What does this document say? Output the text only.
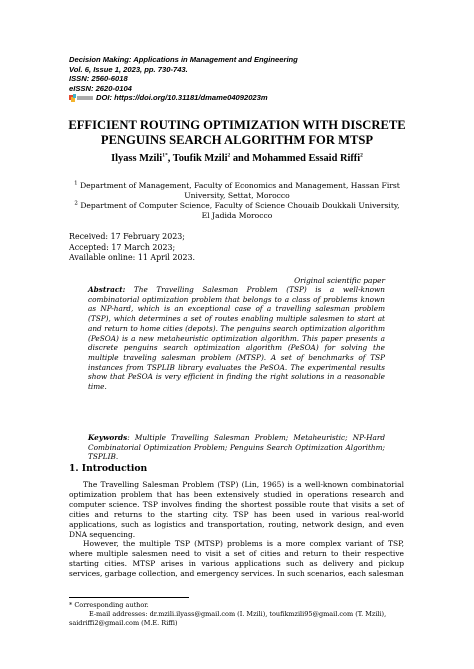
Decision Making: Applications in Management and Engineering
Vol. 6, Issue 1, 2023, pp. 730-743.
ISSN: 2560-6018
eISSN: 2620-0104
DOI: https://doi.org/10.31181/dmame04092023m
EFFICIENT ROUTING OPTIMIZATION WITH DISCRETE PENGUINS SEARCH ALGORITHM FOR MTSP
Ilyass Mzili$^{1*}$, Toufik Mzili$^2$ and Mohammed Essaid Riffi$^2$
$^1$ Department of Management, Faculty of Economics and Management, Hassan First University, Settat, Morocco
$^2$ Department of Computer Science, Faculty of Science Chouaib Doukkali University, El Jadida Morocco
Received: 17 February 2023;
Accepted: 17 March 2023;
Available online: 11 April 2023.
Original scientific paper
Abstract: The Travelling Salesman Problem (TSP) is a well-known combinatorial optimization problem that belongs to a class of problems known as NP-hard, which is an exceptional case of a travelling salesman problem (TSP), which determines a set of routes enabling multiple salesmen to start at and return to home cities (depots). The penguins search optimization algorithm (PeSOA) is a new metaheuristic optimization algorithm. This paper presents a discrete penguins search optimization algorithm (PeSOA) for solving the multiple traveling salesman problem (MTSP). A set of benchmarks of TSP instances from TSPLIB library evaluates the PeSOA. The experimental results show that PeSOA is very efficient in finding the right solutions in a reasonable time.
Keywords: Multiple Travelling Salesman Problem; Metaheuristic; NP-Hard Combinatorial Optimization Problem; Penguins Search Optimization Algorithm; TSPLIB.
1. Introduction

The Travelling Salesman Problem (TSP) (Lin, 1965) is a well-known combinatorial optimization problem that has been extensively studied in operations research and computer science. TSP involves finding the shortest possible route that visits a set of cities and returns to the starting city. TSP has been used in various real-world applications, such as logistics and transportation, routing, network design, and even DNA sequencing.

However, the multiple TSP (MTSP) problems is a more complex variant of TSP, where multiple salesmen need to visit a set of cities and return to their respective starting cities. MTSP arises in various applications such as delivery and pickup services, garbage collection, and emergency services. In such scenarios, each salesman

* Corresponding author.
E-mail addresses: dr.mzili.ilyass@gmail.com (I. Mzili), toufikmzili95@gmail.com (T. Mzili), saidriffi2@gmail.com (M.E. Riffi)
